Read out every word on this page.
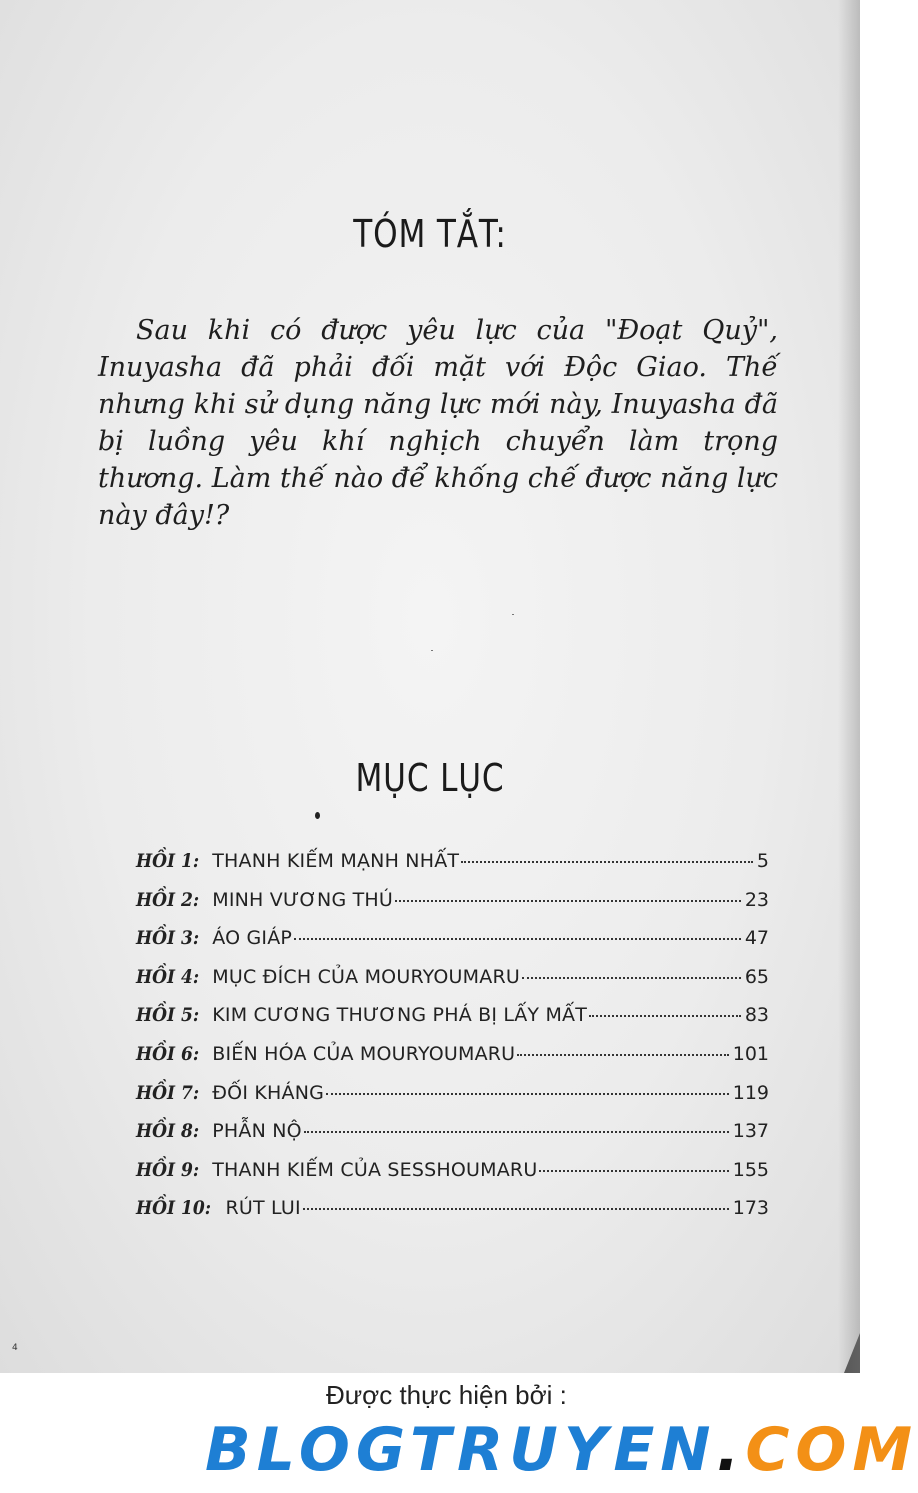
TÓM TẮT:
Sau khi có được yêu lực của "Đoạt Quỷ", Inuyasha đã phải đối mặt với Độc Giao. Thế nhưng khi sử dụng năng lực mới này, Inuyasha đã bị luồng yêu khí nghịch chuyển làm trọng thương. Làm thế nào để khống chế được năng lực này đây!?
MỤC LỤC
HỒI 1: THANH KIẾM MẠNH NHẤT	5
HỒI 2: MINH VƯƠNG THÚ	23
HỒI 3: ÁO GIÁP	47
HỒI 4: MỤC ĐÍCH CỦA MOURYOUMARU	65
HỒI 5: KIM CƯƠNG THƯƠNG PHÁ BỊ LẤY MẤT	83
HỒI 6: BIẾN HÓA CỦA MOURYOUMARU	101
HỒI 7: ĐỐI KHÁNG	119
HỒI 8: PHẪN NỘ	137
HỒI 9: THANH KIẾM CỦA SESSHOUMARU	155
HỒI 10: RÚT LUI	173
4
Được thực hiện bởi :
BLOGTRUYEN.COM
